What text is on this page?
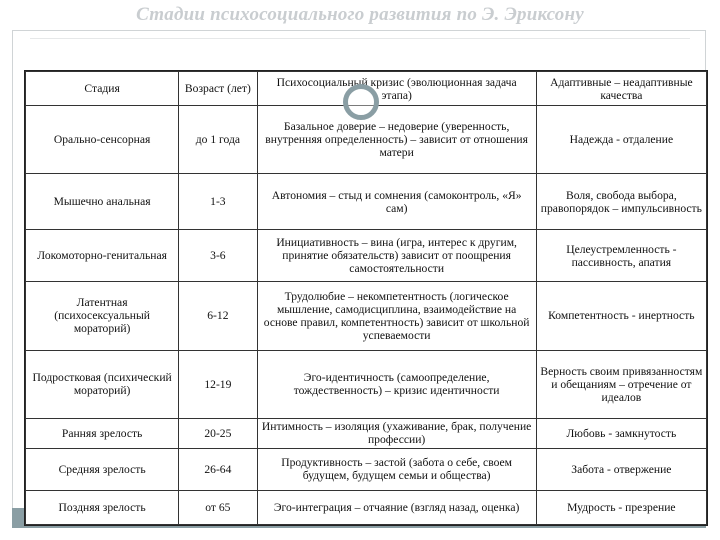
Стадии психосоциального развития по Э. Эриксону
Стадия	Возраст (лет)	Психосоциальный кризис (эволюционная задача этапа)	Адаптивные – неадаптивные качества
Орально-сенсорная	до 1 года	Базальное доверие – недоверие (уверенность, внутренняя определенность) – зависит от отношения матери	Надежда - отдаление
Мышечно анальная	1-3	Автономия – стыд и сомнения (самоконтроль, «Я» сам)	Воля, свобода выбора, правопорядок – импульсивность
Локомоторно-генитальная	3-6	Инициативность – вина (игра, интерес к другим, принятие обязательств) зависит от поощрения самостоятельности	Целеустремленность - пассивность, апатия
Латентная (психосексуальный мораторий)	6-12	Трудолюбие – некомпетентность (логическое мышление, самодисциплина, взаимодействие на основе правил, компетентность) зависит от школьной успеваемости	Компетентность - инертность
Подростковая (психический мораторий)	12-19	Эго-идентичность (самоопределение, тождественность) – кризис идентичности	Верность своим привязанностям и обещаниям – отречение от идеалов
Ранняя зрелость	20-25	Интимность – изоляция (ухаживание, брак, получение профессии)	Любовь - замкнутость
Средняя зрелость	26-64	Продуктивность – застой (забота о себе, своем будущем, будущем семьи и общества)	Забота - отвержение
Поздняя зрелость	от 65	Эго-интеграция – отчаяние (взгляд назад, оценка)	Мудрость - презрение
